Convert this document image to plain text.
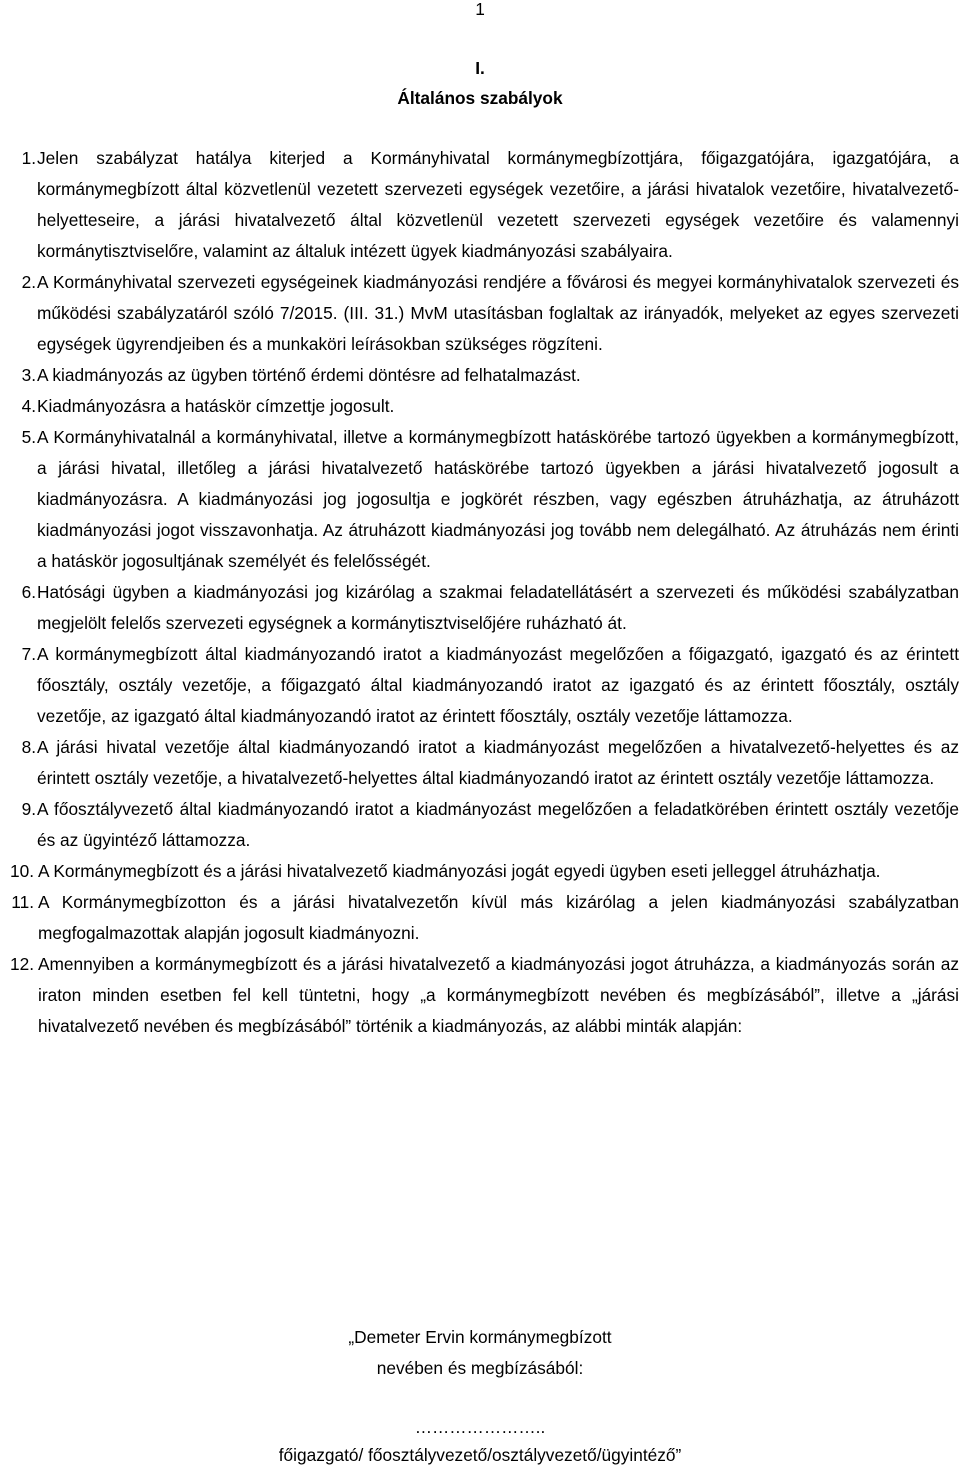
1
I.
Általános szabályok
1. Jelen szabályzat hatálya kiterjed a Kormányhivatal kormánymegbízottjára, főigazgatójára, igazgatójára, a kormánymegbízott által közvetlenül vezetett szervezeti egységek vezetőire, a járási hivatalok vezetőire, hivatalvezető-helyetteseire, a járási hivatalvezető által közvetlenül vezetett szervezeti egységek vezetőire és valamennyi kormánytisztviselőre, valamint az általuk intézett ügyek kiadmányozási szabályaira.

2. A Kormányhivatal szervezeti egységeinek kiadmányozási rendjére a fővárosi és megyei kormányhivatalok szervezeti és működési szabályzatáról szóló 7/2015. (III. 31.) MvM utasításban foglaltak az irányadók, melyeket az egyes szervezeti egységek ügyrendjeiben és a munkaköri leírásokban szükséges rögzíteni.

3. A kiadmányozás az ügyben történő érdemi döntésre ad felhatalmazást.

4. Kiadmányozásra a hatáskör címzettje jogosult.

5. A Kormányhivatalnál a kormányhivatal, illetve a kormánymegbízott hatáskörébe tartozó ügyekben a kormánymegbízott, a járási hivatal, illetőleg a járási hivatalvezető hatáskörébe tartozó ügyekben a járási hivatalvezető jogosult a kiadmányozásra. A kiadmányozási jog jogosultja e jogkörét részben, vagy egészben átruházhatja, az átruházott kiadmányozási jogot visszavonhatja. Az átruházott kiadmányozási jog tovább nem delegálható. Az átruházás nem érinti a hatáskör jogosultjának személyét és felelősségét.

6. Hatósági ügyben a kiadmányozási jog kizárólag a szakmai feladatellátásért a szervezeti és működési szabályzatban megjelölt felelős szervezeti egységnek a kormánytisztviselőjére ruházható át.

7. A kormánymegbízott által kiadmányozandó iratot a kiadmányozást megelőzően a főigazgató, igazgató és az érintett főosztály, osztály vezetője, a főigazgató által kiadmányozandó iratot az igazgató és az érintett főosztály, osztály vezetője, az igazgató által kiadmányozandó iratot az érintett főosztály, osztály vezetője láttamozza.

8. A járási hivatal vezetője által kiadmányozandó iratot a kiadmányozást megelőzően a hivatalvezető-helyettes és az érintett osztály vezetője, a hivatalvezető-helyettes által kiadmányozandó iratot az érintett osztály vezetője láttamozza.

9. A főosztályvezető által kiadmányozandó iratot a kiadmányozást megelőzően a feladatkörében érintett osztály vezetője és az ügyintéző láttamozza.

10. A Kormánymegbízott és a járási hivatalvezető kiadmányozási jogát egyedi ügyben eseti jelleggel átruházhatja.

11. A Kormánymegbízotton és a járási hivatalvezetőn kívül más kizárólag a jelen kiadmányozási szabályzatban megfogalmazottak alapján jogosult kiadmányozni.

12. Amennyiben a kormánymegbízott és a járási hivatalvezető a kiadmányozási jogot átruházza, a kiadmányozás során az iraton minden esetben fel kell tüntetni, hogy „a kormánymegbízott nevében és megbízásából”, illetve a „járási hivatalvezető nevében és megbízásából” történik a kiadmányozás, az alábbi minták alapján:

„Demeter Ervin kormánymegbízott
nevében és megbízásából:
…………………..
főigazgató/ főosztályvezető/osztályvezető/ügyintéző”
